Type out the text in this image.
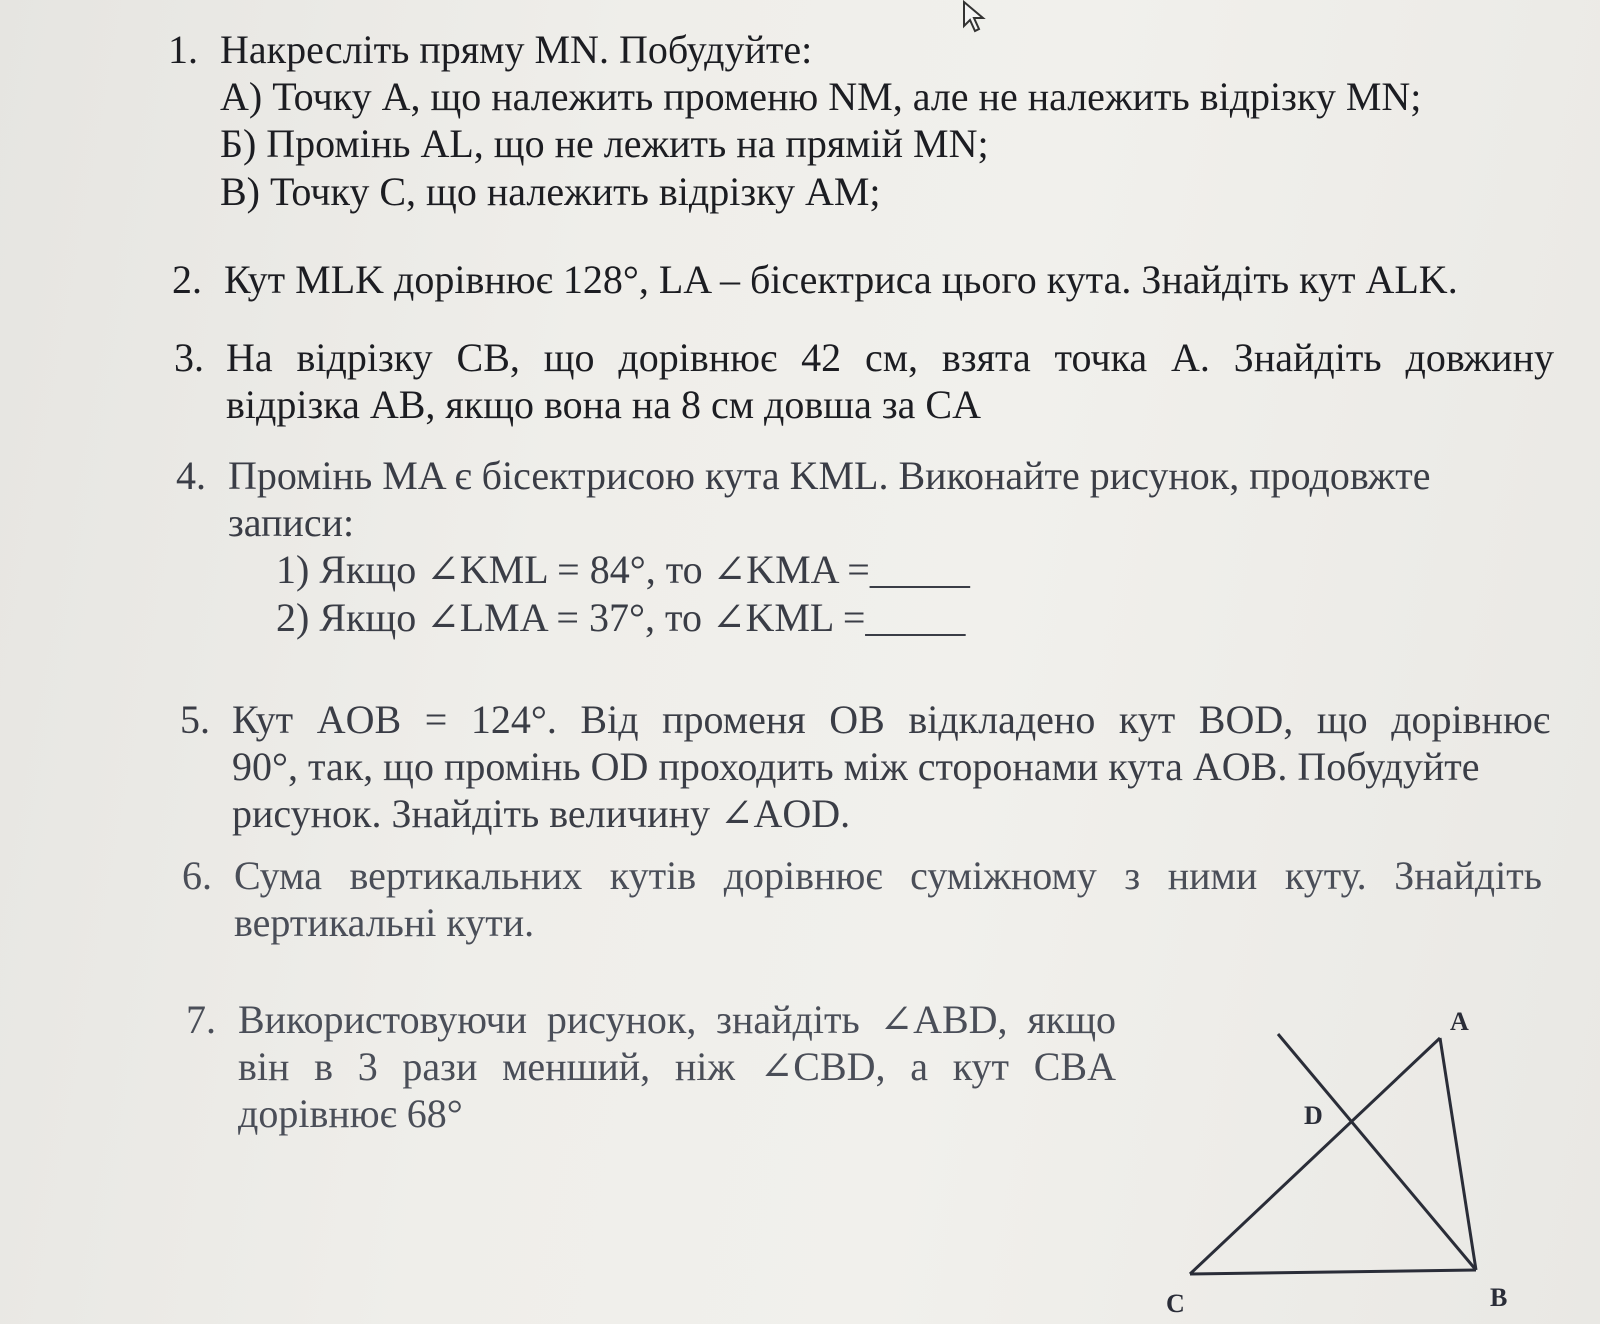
1. Накресліть пряму MN. Побудуйте:
А) Точку A, що належить променю NM, але не належить відрізку MN;
Б) Промінь AL, що не лежить на прямій MN;
В) Точку C, що належить відрізку AM;
2. Кут MLK дорівнює 128°, LA – бісектриса цього кута. Знайдіть кут ALK.
3. На відрізку CB, що дорівнює 42 см, взята точка A. Знайдіть довжину
відрізка AB, якщо вона на 8 см довша за CA
4. Промінь MA є бісектрисою кута KML. Виконайте рисунок, продовжте
записи:
1) Якщо ∠KML = 84°, то ∠KMA =_____
2) Якщо ∠LMA = 37°, то ∠KML =_____
5. Кут AOB = 124°. Від променя OB відкладено кут BOD, що дорівнює
90°, так, що промінь OD проходить між сторонами кута AOB. Побудуйте
рисунок. Знайдіть величину ∠AOD.
6. Сума вертикальних кутів дорівнює суміжному з ними куту. Знайдіть
вертикальні кути.
7. Використовуючи рисунок, знайдіть ∠ABD, якщо
він в 3 рази менший, ніж ∠CBD, а кут CBA
дорівнює 68°
A
D
C	B
